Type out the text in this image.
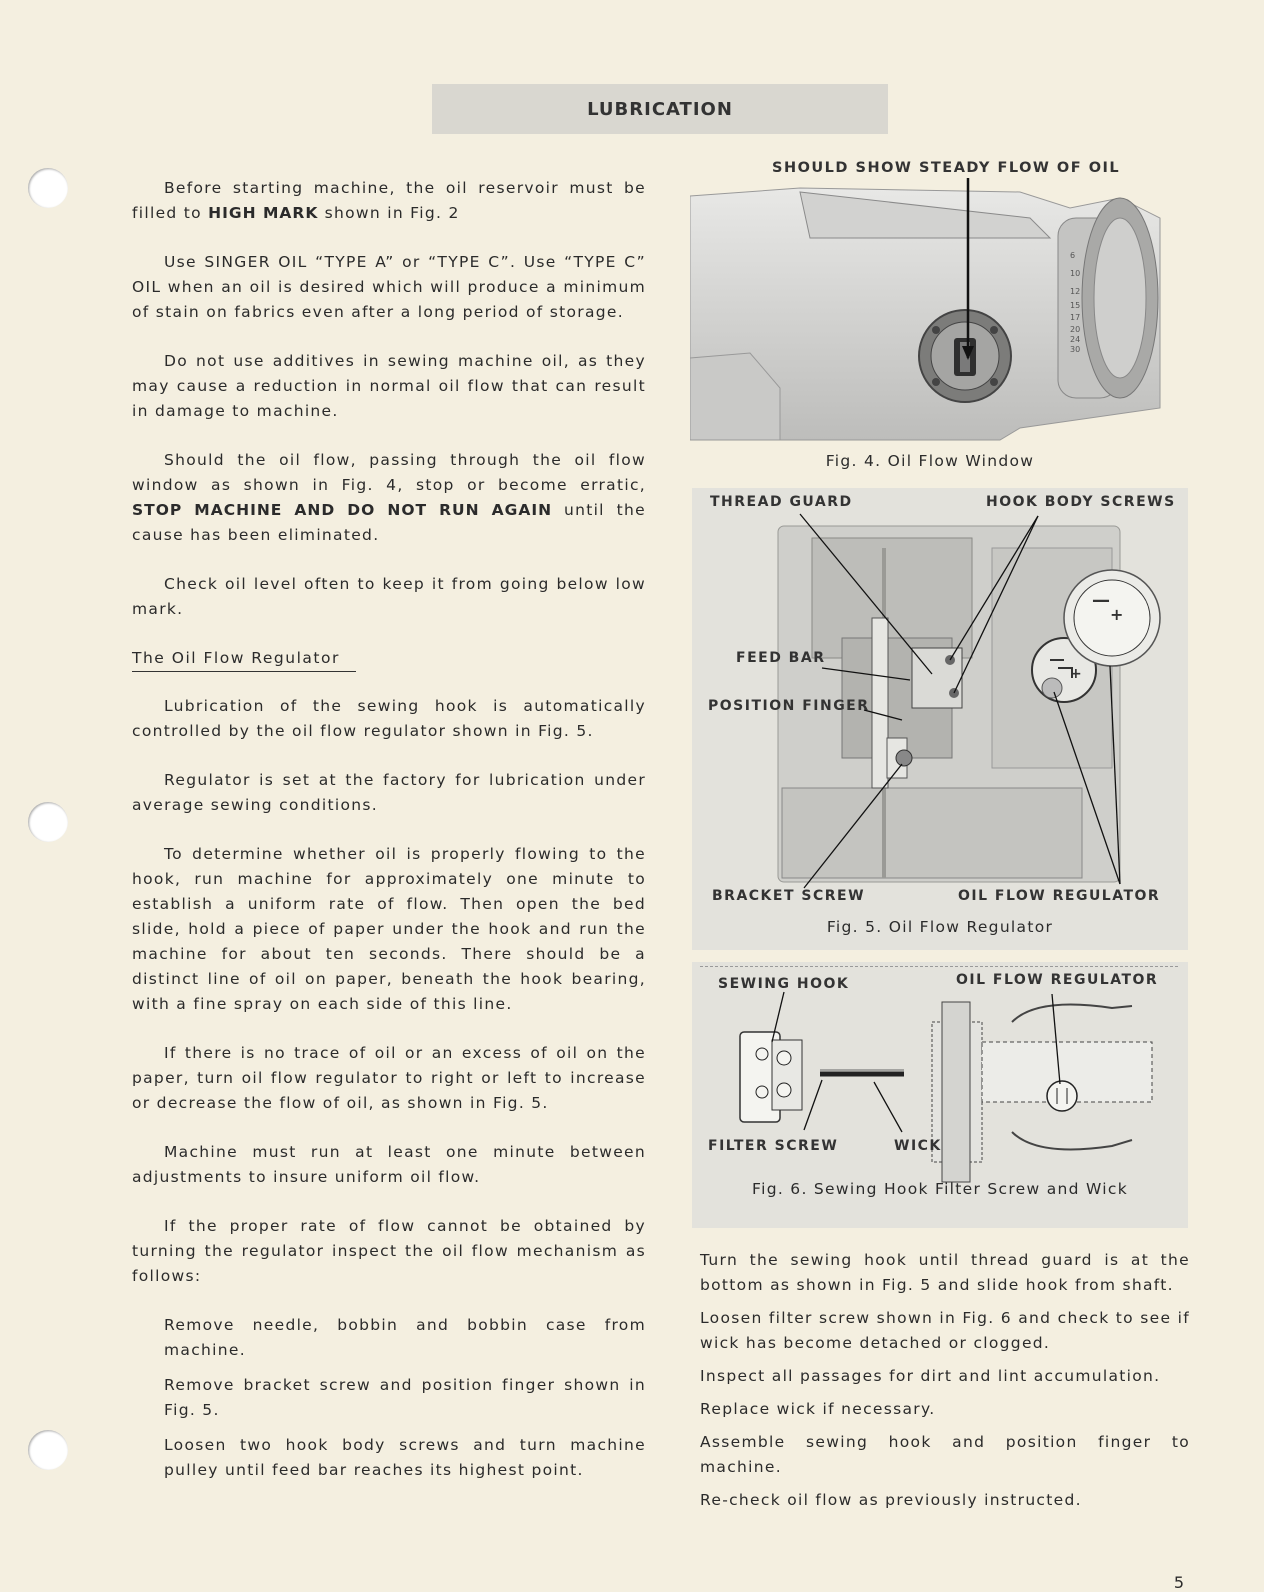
LUBRICATION

Before starting machine, the oil reservoir must be filled to HIGH MARK shown in Fig. 2

Use SINGER OIL “TYPE A” or “TYPE C”. Use “TYPE C” OIL when an oil is desired which will produce a minimum of stain on fabrics even after a long period of storage.

Do not use additives in sewing machine oil, as they may cause a reduction in normal oil flow that can result in damage to machine.

Should the oil flow, passing through the oil flow window as shown in Fig. 4, stop or become erratic, STOP MACHINE AND DO NOT RUN AGAIN until the cause has been eliminated.

Check oil level often to keep it from going below low mark.

The Oil Flow Regulator

Lubrication of the sewing hook is automatically controlled by the oil flow regulator shown in Fig. 5.

Regulator is set at the factory for lubrication under average sewing conditions.

To determine whether oil is properly flowing to the hook, run machine for approximately one minute to establish a uniform rate of flow. Then open the bed slide, hold a piece of paper under the hook and run the machine for about ten seconds. There should be a distinct line of oil on paper, beneath the hook bearing, with a fine spray on each side of this line.

If there is no trace of oil or an excess of oil on the paper, turn oil flow regulator to right or left to increase or decrease the flow of oil, as shown in Fig. 5.

Machine must run at least one minute between adjustments to insure uniform oil flow.

If the proper rate of flow cannot be obtained by turning the regulator inspect the oil flow mechanism as follows:

Remove needle, bobbin and bobbin case from machine.

Remove bracket screw and position finger shown in Fig. 5.

Loosen two hook body screws and turn machine pulley until feed bar reaches its highest point.

SHOULD SHOW STEADY FLOW OF OIL
6
10
12
15
17
20
24
30
Fig. 4. Oil Flow Window
+
—
+
THREAD GUARD	HOOK BODY SCREWS
FEED BAR
POSITION FINGER
BRACKET SCREW	OIL FLOW REGULATOR
Fig. 5. Oil Flow Regulator
SEWING HOOK	OIL FLOW REGULATOR
FILTER SCREW	WICK
Fig. 6. Sewing Hook Filter Screw and Wick

Turn the sewing hook until thread guard is at the bottom as shown in Fig. 5 and slide hook from shaft.

Loosen filter screw shown in Fig. 6 and check to see if wick has become detached or clogged.

Inspect all passages for dirt and lint accumulation.

Replace wick if necessary.

Assemble sewing hook and position finger to machine.

Re-check oil flow as previously instructed.

5
